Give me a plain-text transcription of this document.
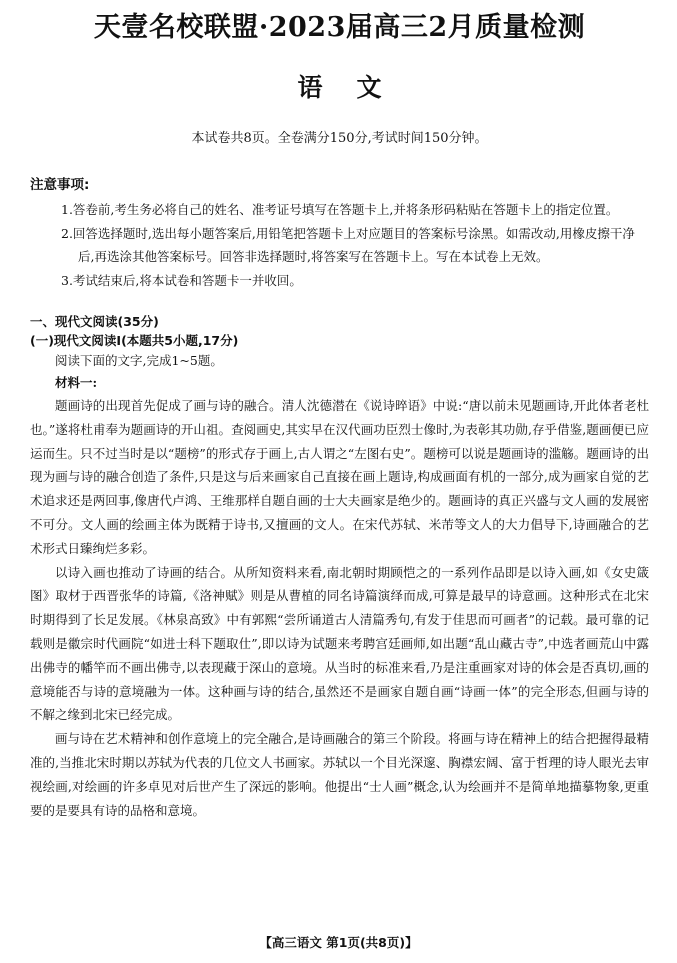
天壹名校联盟·2023届高三2月质量检测
语文

本试卷共8页。全卷满分150分,考试时间150分钟。

注意事项:

1.答卷前,考生务必将自己的姓名、准考证号填写在答题卡上,并将条形码粘贴在答题卡上的指定位置。

2.回答选择题时,选出每小题答案后,用铅笔把答题卡上对应题目的答案标号涂黑。如需改动,用橡皮擦干净后,再选涂其他答案标号。回答非选择题时,将答案写在答题卡上。写在本试卷上无效。

3.考试结束后,将本试卷和答题卡一并收回。

一、现代文阅读(35分)
(一)现代文阅读Ⅰ(本题共5小题,17分)

阅读下面的文字,完成1~5题。

材料一:

题画诗的出现首先促成了画与诗的融合。清人沈德潜在《说诗晬语》中说:“唐以前未见题画诗,开此体者老杜也。”遂将杜甫奉为题画诗的开山祖。查阅画史,其实早在汉代画功臣烈士像时,为表彰其功勋,存乎借鉴,题画便已应运而生。只不过当时是以“题榜”的形式存于画上,古人谓之“左图右史”。题榜可以说是题画诗的滥觞。题画诗的出现为画与诗的融合创造了条件,只是这与后来画家自己直接在画上题诗,构成画面有机的一部分,成为画家自觉的艺术追求还是两回事,像唐代卢鸿、王维那样自题自画的士大夫画家是绝少的。题画诗的真正兴盛与文人画的发展密不可分。文人画的绘画主体为既精于诗书,又擅画的文人。在宋代苏轼、米芾等文人的大力倡导下,诗画融合的艺术形式日臻绚烂多彩。

以诗入画也推动了诗画的结合。从所知资料来看,南北朝时期顾恺之的一系列作品即是以诗入画,如《女史箴图》取材于西晋张华的诗篇,《洛神赋》则是从曹植的同名诗篇演绎而成,可算是最早的诗意画。这种形式在北宋时期得到了长足发展。《林泉高致》中有郭熙“尝所诵道古人清篇秀句,有发于佳思而可画者”的记载。最可靠的记载则是徽宗时代画院“如进士科下题取仕”,即以诗为试题来考聘宫廷画师,如出题“乱山藏古寺”,中选者画荒山中露出佛寺的幡竿而不画出佛寺,以表现藏于深山的意境。从当时的标准来看,乃是注重画家对诗的体会是否真切,画的意境能否与诗的意境融为一体。这种画与诗的结合,虽然还不是画家自题自画“诗画一体”的完全形态,但画与诗的不解之缘到北宋已经完成。

画与诗在艺术精神和创作意境上的完全融合,是诗画融合的第三个阶段。将画与诗在精神上的结合把握得最精准的,当推北宋时期以苏轼为代表的几位文人书画家。苏轼以一个目光深邃、胸襟宏阔、富于哲理的诗人眼光去审视绘画,对绘画的许多卓见对后世产生了深远的影响。他提出“士人画”概念,认为绘画并不是简单地描摹物象,更重要的是要具有诗的品格和意境。

【高三语文 第1页(共8页)】
